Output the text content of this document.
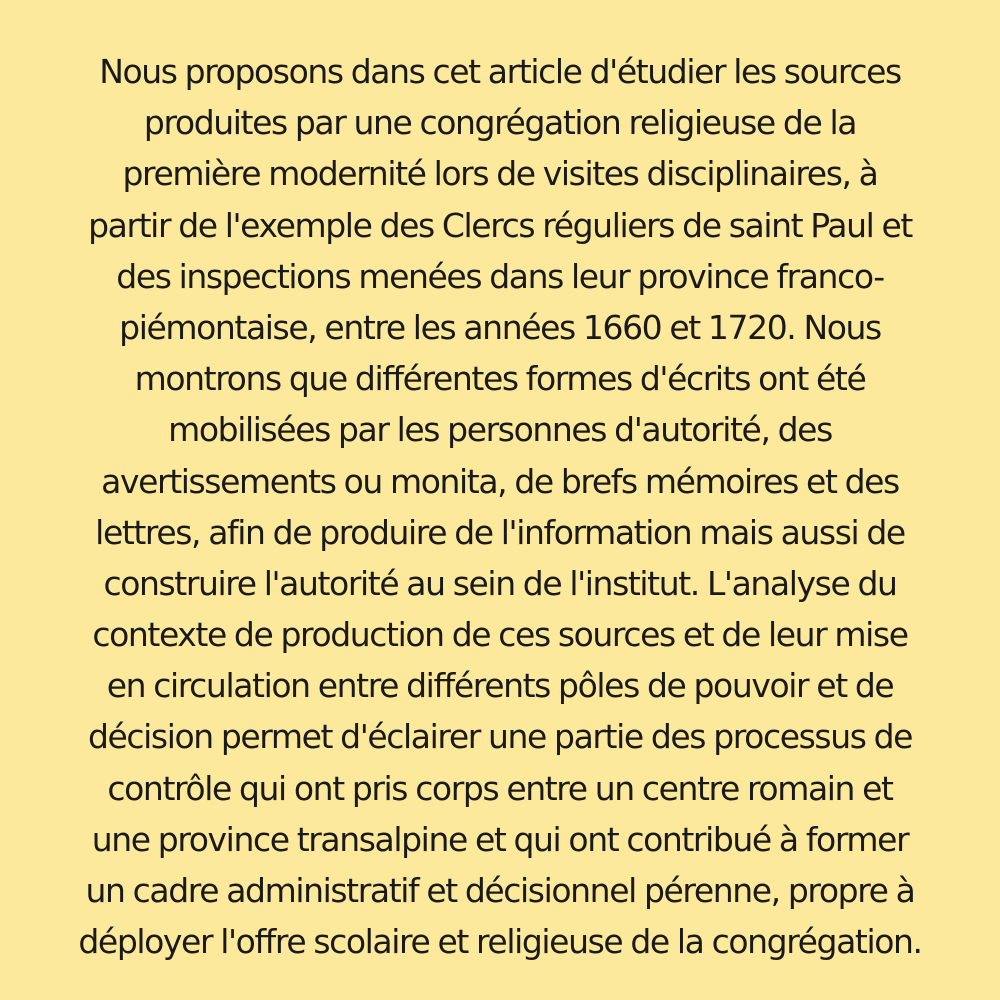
Nous proposons dans cet article d'étudier les sources
produites par une congrégation religieuse de la
première modernité lors de visites disciplinaires, à
partir de l'exemple des Clercs réguliers de saint Paul et
des inspections menées dans leur province franco-
piémontaise, entre les années 1660 et 1720. Nous
montrons que différentes formes d'écrits ont été
mobilisées par les personnes d'autorité, des
avertissements ou monita, de brefs mémoires et des
lettres, afin de produire de l'information mais aussi de
construire l'autorité au sein de l'institut. L'analyse du
contexte de production de ces sources et de leur mise
en circulation entre différents pôles de pouvoir et de
décision permet d'éclairer une partie des processus de
contrôle qui ont pris corps entre un centre romain et
une province transalpine et qui ont contribué à former
un cadre administratif et décisionnel pérenne, propre à
déployer l'offre scolaire et religieuse de la congrégation.
